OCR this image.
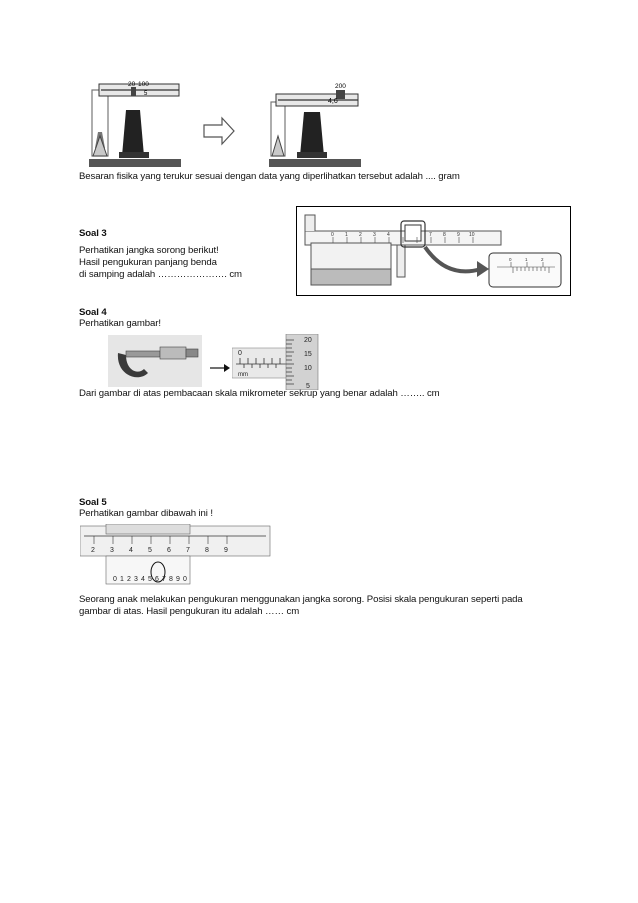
20 100
5
200
4,6
Besaran fisika yang terukur sesuai dengan data yang diperlihatkan tersebut adalah .... gram
Soal 3
Perhatikan jangka sorong berikut!
Hasil pengukuran panjang benda
di samping adalah …………………. cm
0 1 2 3 4	7 8 9 10
0	1	2
Soal 4
Perhatikan gambar!
0
mm
20
15
10
5
Dari gambar di atas pembacaan skala mikrometer sekrup yang benar adalah …….. cm
Soal 5
Perhatikan gambar dibawah ini !
2 3 4 5 6 7 8 9
0 1 2 3 4 5 6 7 8 9 0
Seorang anak melakukan pengukuran menggunakan jangka sorong. Posisi skala pengukuran seperti pada
gambar di atas. Hasil pengukuran itu adalah …… cm
